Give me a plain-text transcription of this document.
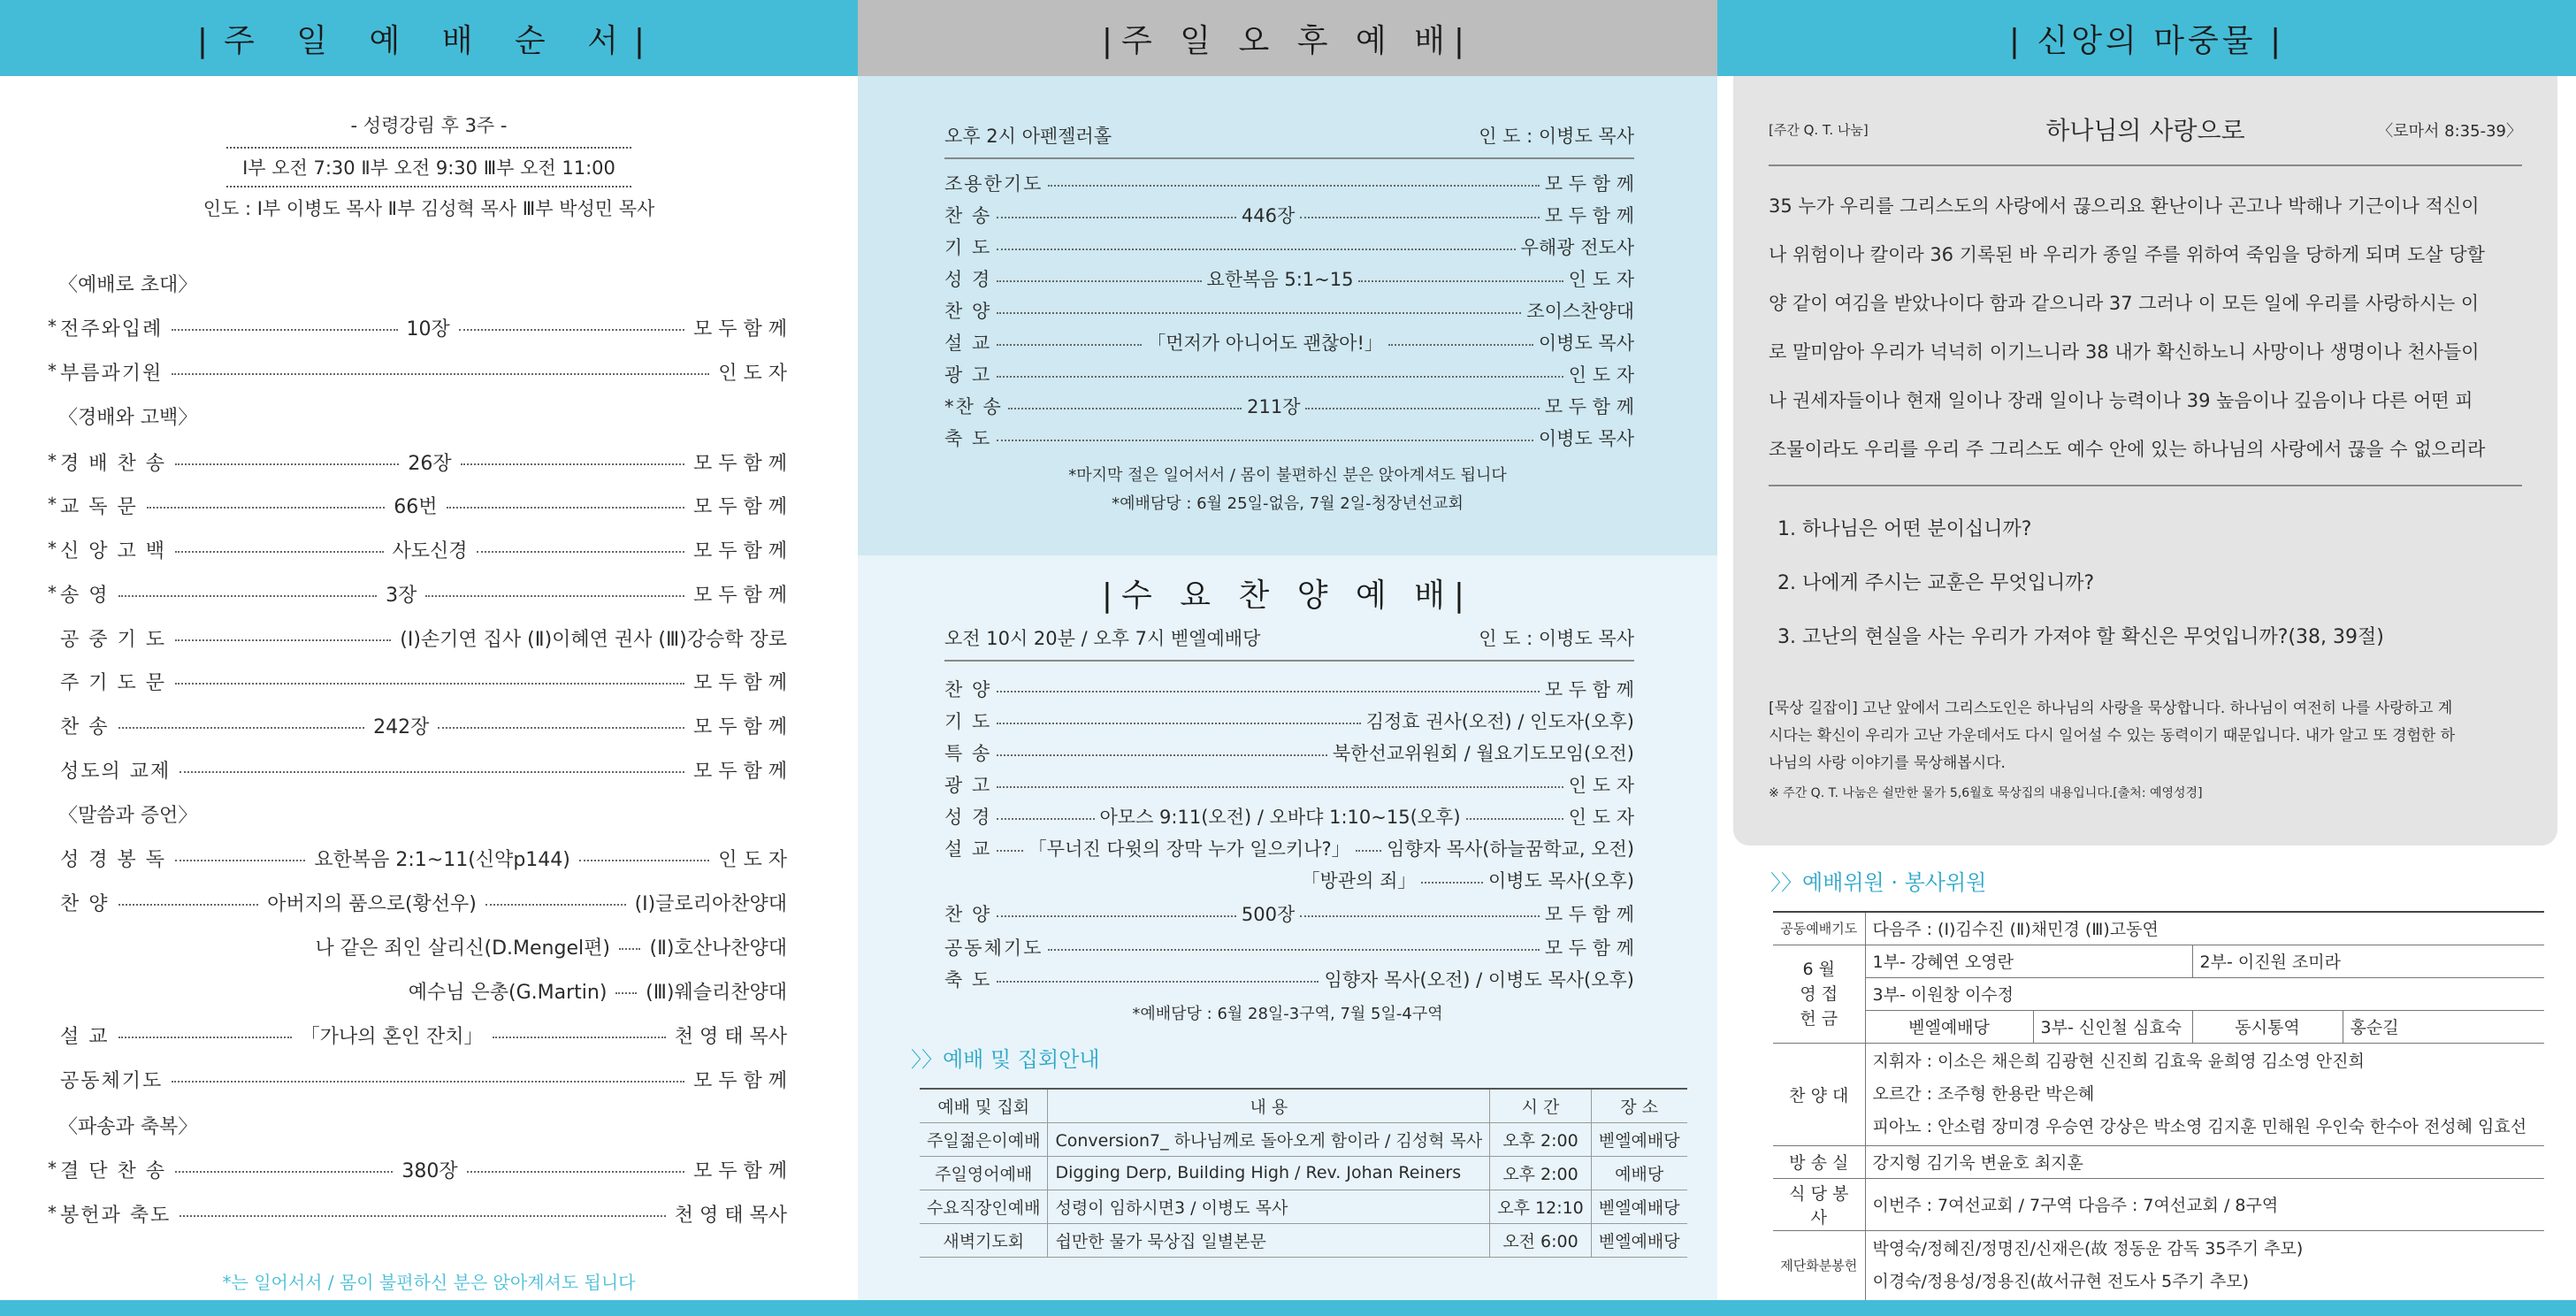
|주 일 예 배 순 서|
- 성령강림 후 3주 -
Ⅰ부 오전 7:30 Ⅱ부 오전 9:30 Ⅲ부 오전 11:00
인도 : Ⅰ부 이병도 목사 Ⅱ부 김성혁 목사 Ⅲ부 박성민 목사
〈예배로 초대〉
〈경배와 고백〉
〈말씀과 증언〉
〈파송과 축복〉
전주와입례	10장	모 두 함 께
*
부름과기원	인 도 자
*
경 배 찬 송	26장	모 두 함 께
*
교 독 문	66번	모 두 함 께
*
신 앙 고 백	사도신경	모 두 함 께
*
송 영	3장	모 두 함 께
*
공 중 기 도	(Ⅰ)손기연 집사 (Ⅱ)이혜연 권사 (Ⅲ)강승학 장로
주 기 도 문	모 두 함 께
찬 송	242장	모 두 함 께
성도의 교제	모 두 함 께
성 경 봉 독	요한복음 2:1~11(신약p144)	인 도 자
찬 양	아버지의 품으로(황선우)	(Ⅰ)글로리아찬양대
나 같은 죄인 살리신(D.Mengel편) (Ⅱ)호산나찬양대
예수님 은총(G.Martin) (Ⅲ)웨슬리찬양대
설 교	「가나의 혼인 잔치」	천 영 태 목사
공동체기도	모 두 함 께
결 단 찬 송	380장	모 두 함 께
*
봉헌과 축도	천 영 태 목사
*
*는 일어서서 / 몸이 불편하신 분은 앉아계셔도 됩니다
|주 일 오 후 예 배|
오후 2시 아펜젤러홀	인 도 : 이병도 목사
조용한기도	모 두 함 께
찬 송	446장	모 두 함 께
기 도	우해광 전도사
성 경	요한복음 5:1~15	인 도 자
찬 양	조이스찬양대
설 교	「먼저가 아니어도 괜찮아!」	이병도 목사
광 고	인 도 자
*찬 송	211장	모 두 함 께
축 도	이병도 목사
*마지막 절은 일어서서 / 몸이 불편하신 분은 앉아계셔도 됩니다
*예배담당 : 6월 25일-없음, 7월 2일-청장년선교회
|수 요 찬 양 예 배|
오전 10시 20분 / 오후 7시 벧엘예배당	인 도 : 이병도 목사
찬 양	모 두 함 께
기 도	김정효 권사(오전) / 인도자(오후)
특 송	북한선교위원회 / 월요기도모임(오전)
광 고	인 도 자
성 경	아모스 9:11(오전) / 오바댜 1:10~15(오후)	인 도 자
설 교 「무너진 다윗의 장막 누가 일으키나?」 임향자 목사(하늘꿈학교, 오전)
「방관의 죄」	이병도 목사(오후)
찬 양	500장	모 두 함 께
공동체기도	모 두 함 께
축 도	임향자 목사(오전) / 이병도 목사(오후)
*예배담당 : 6월 28일-3구역, 7월 5일-4구역
〉〉예배 및 집회안내
예배 및 집회	내 용	시 간	장 소
주일젊은이예배	Conversion7_ 하나님께로 돌아오게 함이라 / 김성혁 목사	오후 2:00	벧엘예배당
주일영어예배	Digging Derp, Building High / Rev. Johan Reiners	오후 2:00	예배당
수요직장인예배	성령이 임하시면3 / 이병도 목사	오후 12:10	벧엘예배당
새벽기도회	쉽만한 물가 묵상집 일별본문	오전 6:00	벧엘예배당
| 신앙의 마중물 |
[주간 Q. T. 나눔]	하나님의 사랑으로	〈로마서 8:35-39〉
35 누가 우리를 그리스도의 사랑에서 끊으리요 환난이나 곤고나 박해나 기근이나 적신이
나 위험이나 칼이라 36 기록된 바 우리가 종일 주를 위하여 죽임을 당하게 되며 도살 당할
양 같이 여김을 받았나이다 함과 같으니라 37 그러나 이 모든 일에 우리를 사랑하시는 이
로 말미암아 우리가 넉넉히 이기느니라 38 내가 확신하노니 사망이나 생명이나 천사들이
나 권세자들이나 현재 일이나 장래 일이나 능력이나 39 높음이나 깊음이나 다른 어떤 피
조물이라도 우리를 우리 주 그리스도 예수 안에 있는 하나님의 사랑에서 끊을 수 없으리라
1. 하나님은 어떤 분이십니까?
2. 나에게 주시는 교훈은 무엇입니까?
3. 고난의 현실을 사는 우리가 가져야 할 확신은 무엇입니까?(38, 39절)
[묵상 길잡이] 고난 앞에서 그리스도인은 하나님의 사랑을 묵상합니다. 하나님이 여전히 나를 사랑하고 계
시다는 확신이 우리가 고난 가운데서도 다시 일어설 수 있는 동력이기 때문입니다. 내가 알고 또 경험한 하
나님의 사랑 이야기를 묵상해봅시다.
※ 주간 Q. T. 나눔은 쉴만한 물가 5,6월호 묵상집의 내용입니다.[출처: 예영성경]
〉〉예배위원 · 봉사위원
공동예배기도	다음주 : (Ⅰ)김수진 (Ⅱ)채민경 (Ⅲ)고동연			
6 월
영 접
헌 금	1부- 강혜연 오영란		2부- 이진원 조미라	
	3부- 이원창 이수정			
	벧엘예배당	3부- 신인철 심효숙	동시통역	홍순길
찬 양 대	지휘자 : 이소은 채은희 김광현 신진희 김효욱 윤희영 김소영 안진희
오르간 : 조주형 한용란 박은혜
피아노 : 안소렴 장미경 우승연 강상은 박소영 김지훈 민해원 우인숙 한수아 전성혜 임효선			

방 송 실	강지형 김기욱 변윤호 최지훈			
식 당 봉 사	이번주 : 7여선교회 / 7구역 다음주 : 7여선교회 / 8구역			
제단화분봉헌	박영숙/정혜진/정명진/신재은(故 정동운 감독 35주기 추모)
이경숙/정용성/정용진(故서규현 전도사 5주기 추모)			
